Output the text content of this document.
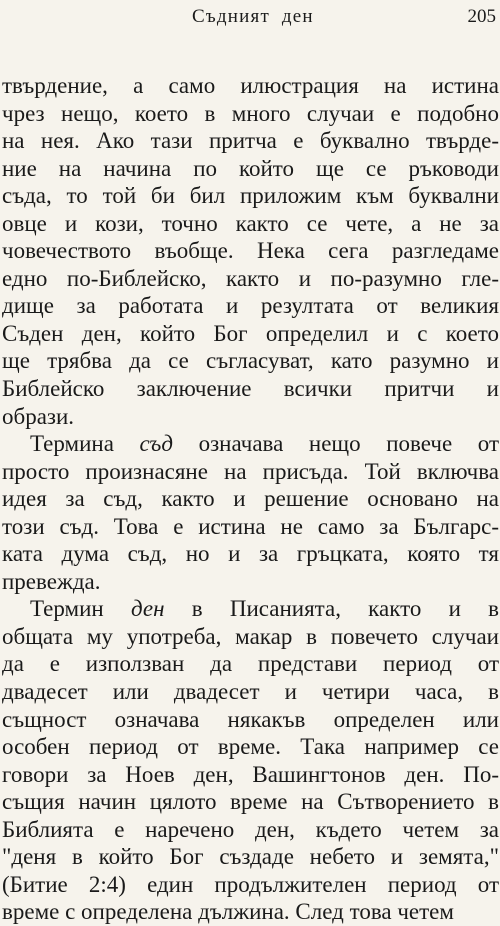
Съдният  ден	205
твърдение, а само илюстрация на истина
чрез нещо, което в много случаи е подобно
на нея. Ако тази притча е буквално твърде-
ние на начина по който ще се ръководи
съда, то той би бил приложим към буквални
овце и кози, точно както се чете, а не за
човечеството въобще. Нека сега разгледаме
едно по-Библейско, както и по-разумно гле-
дище за работата и резултата от великия
Съден ден, който Бог определил и с което
ще трябва да се съгласуват, като разумно и
Библейско заключение всички притчи и
образи.
Термина съд означава нещо повече от
просто произнасяне на присъда. Той включва
идея за съд, както и решение основано на
този съд. Това е истина не само за Българс-
ката дума съд, но и за гръцката, която тя
превежда.
Термин ден в Писанията, както и в
общата му употреба, макар в повечето случаи
да е използван да представи период от
двадесет или двадесет и четири часа, в
същност означава някакъв определен или
особен период от време. Така например се
говори за Ноев ден, Вашингтонов ден. По-
същия начин цялото време на Сътворението в
Библията е наречено ден, където четем за
"деня в който Бог създаде небето и земята,"
(Битие 2:4) един продължителен период от
време с определена дължина. След това четем
